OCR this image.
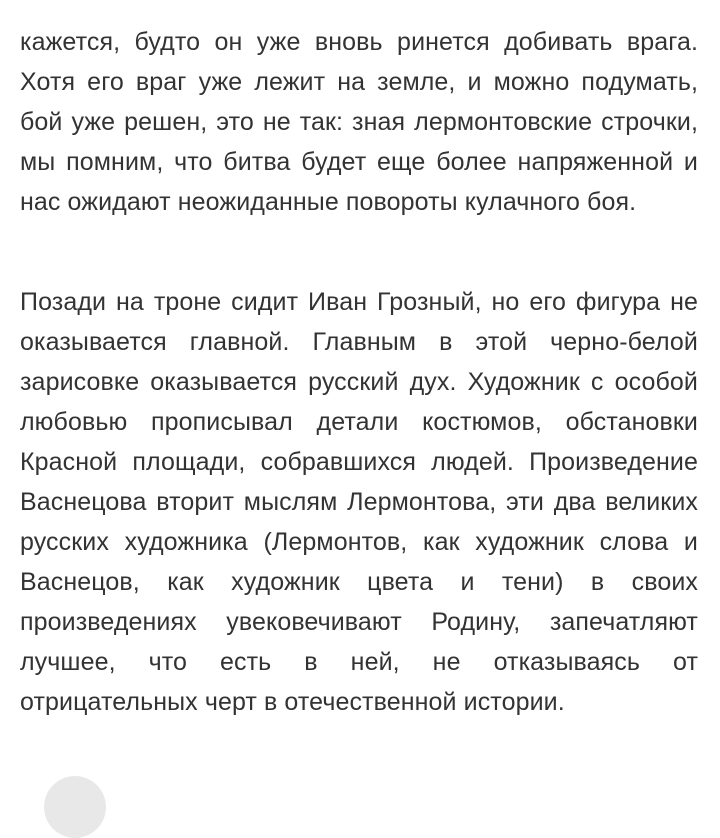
кажется, будто он уже вновь ринется добивать врага. Хотя его враг уже лежит на земле, и можно подумать, бой уже решен, это не так: зная лермонтовские строчки, мы помним, что битва будет еще более напряженной и нас ожидают неожиданные повороты кулачного боя.

Позади на троне сидит Иван Грозный, но его фигура не оказывается главной. Главным в этой черно-белой зарисовке оказывается русский дух. Художник с особой любовью прописывал детали костюмов, обстановки Красной площади, собравшихся людей. Произведение Васнецова вторит мыслям Лермонтова, эти два великих русских художника (Лермонтов, как художник слова и Васнецов, как художник цвета и тени) в своих произведениях увековечивают Родину, запечатляют лучшее, что есть в ней, не отказываясь от отрицательных черт в отечественной истории.
